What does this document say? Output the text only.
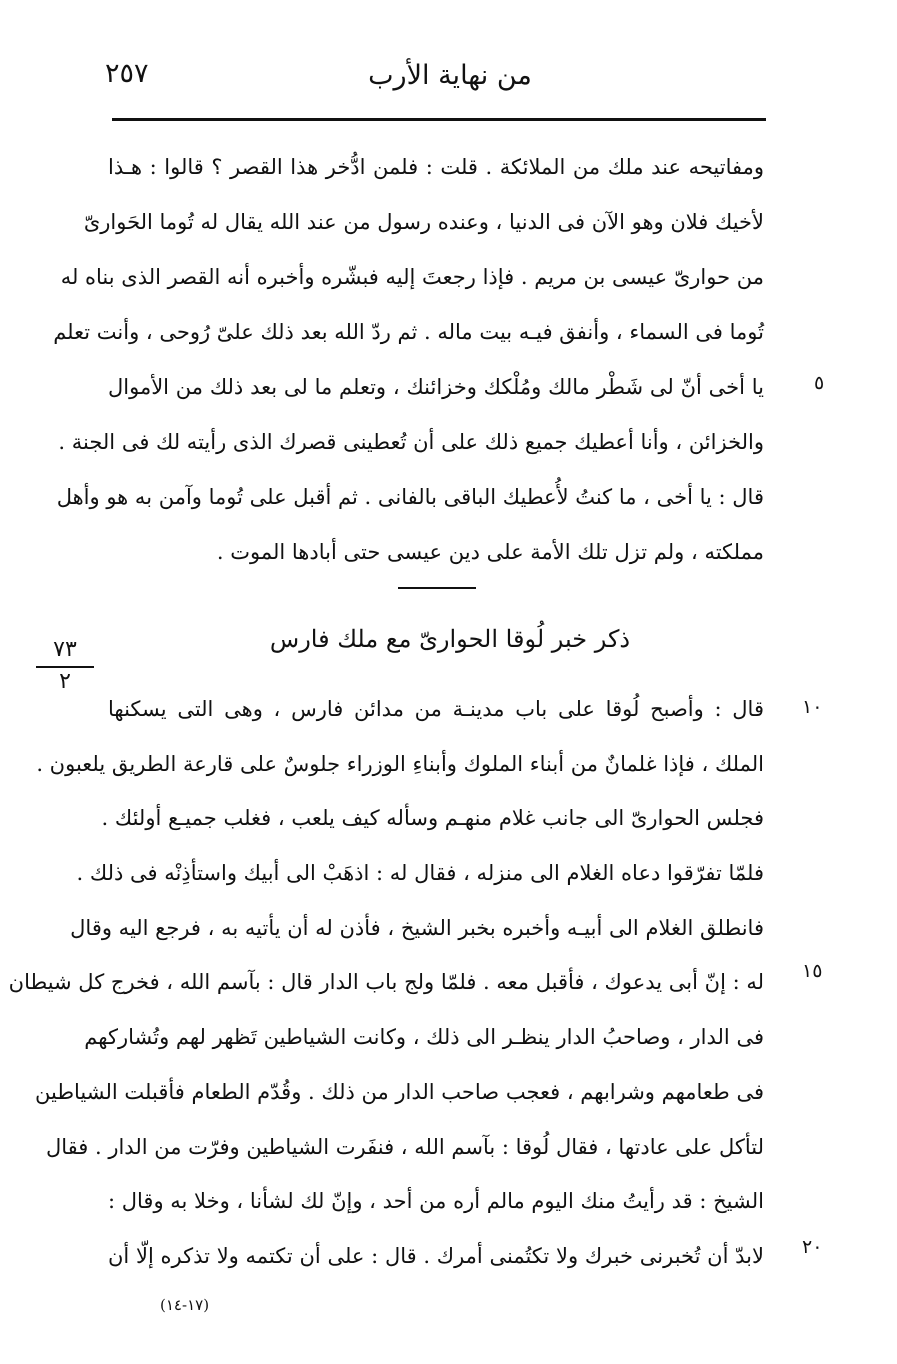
٢٥٧	من نهاية الأرب
ومفاتيحه عند ملك من الملائكة . قلت : فلمن ادُّخر هذا القصر ؟ قالوا : هـذا
لأخيك فلان وهو الآن فى الدنيا ، وعنده رسول من عند الله يقال له تُوما الحَوارىّ
من حوارىّ عيسى بن مريم . فإذا رجعتَ إليه فبشّره وأخبره أنه القصر الذى بناه له
تُوما فى السماء ، وأنفق فيـه بيت ماله . ثم ردّ الله بعد ذلك علىّ رُوحى ، وأنت تعلم
يا أخى أنّ لى شَطْر مالك ومُلْكك وخزائنك ، وتعلم ما لى بعد ذلك من الأموال
والخزائن ، وأنا أعطيك جميع ذلك على أن تُعطينى قصرك الذى رأيته لك فى الجنة .
قال : يا أخى ، ما كنتُ لأُعطيك الباقى بالفانى . ثم أقبل على تُوما وآمن به هو وأهل
مملكته ، ولم تزل تلك الأمة على دين عيسى حتى أبادها الموت .
٥
ذكر خبر لُوقا الحوارىّ مع ملك فارس
٧٣
٢
قال : وأصبح لُوقا على باب مدينـة من مدائن فارس ، وهى التى يسكنها
الملك ، فإذا غلمانٌ من أبناء الملوك وأبناءِ الوزراء جلوسٌ على قارعة الطريق يلعبون .
فجلس الحوارىّ الى جانب غلام منهـم وسأله كيف يلعب ، فغلب جميـع أولئك .
فلمّا تفرّقوا دعاه الغلام الى منزله ، فقال له : اذهَبْ الى أبيك واستأذِنْه فى ذلك .
فانطلق الغلام الى أبيـه وأخبره بخبر الشيخ ، فأذن له أن يأتيه به ، فرجع اليه وقال
له : إنّ أبى يدعوك ، فأقبل معه . فلمّا ولج باب الدار قال : بآسم الله ، فخرج كل شيطان
فى الدار ، وصاحبُ الدار ينظـر الى ذلك ، وكانت الشياطين تَظهر لهم وتُشاركهم
فى طعامهم وشرابهم ، فعجب صاحب الدار من ذلك . وقُدّم الطعام فأقبلت الشياطين
لتأكل على عادتها ، فقال لُوقا : بآسم الله ، فنفَرت الشياطين وفرّت من الدار . فقال
الشيخ : قد رأيتُ منك اليوم مالم أره من أحد ، وإنّ لك لشأنا ، وخلا به وقال :
لابدّ أن تُخبرنى خبرك ولا تكتُمنى أمرك . قال : على أن تكتمه ولا تذكره إلّا أن
١٠
١٥
٢٠
(١٧-١٤)
